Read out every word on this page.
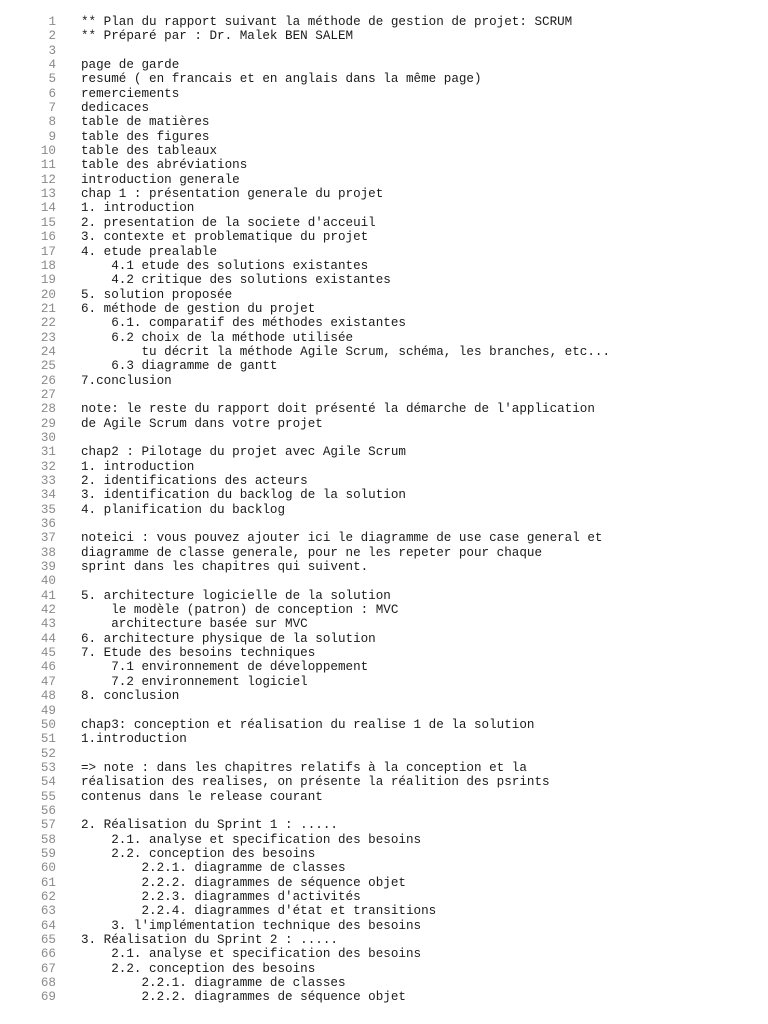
1 ** Plan du rapport suivant la méthode de gestion de projet: SCRUM
2 ** Préparé par : Dr. Malek BEN SALEM
3
4 page de garde
5 resumé ( en francais et en anglais dans la même page)
6 remerciements
7 dedicaces
8 table de matières
9 table des figures
10 table des tableaux
11 table des abréviations
12 introduction generale
13 chap 1 : présentation generale du projet
14 1. introduction
15 2. presentation de la societe d'acceuil
16 3. contexte et problematique du projet
17 4. etude prealable
18 4.1 etude des solutions existantes
19 4.2 critique des solutions existantes
20 5. solution proposée
21 6. méthode de gestion du projet
22 6.1. comparatif des méthodes existantes
23 6.2 choix de la méthode utilisée
24 tu décrit la méthode Agile Scrum, schéma, les branches, etc...
25 6.3 diagramme de gantt
26 7.conclusion
27
28 note: le reste du rapport doit présenté la démarche de l'application
29 de Agile Scrum dans votre projet
30
31 chap2 : Pilotage du projet avec Agile Scrum
32 1. introduction
33 2. identifications des acteurs
34 3. identification du backlog de la solution
35 4. planification du backlog
36
37 noteici : vous pouvez ajouter ici le diagramme de use case general et
38 diagramme de classe generale, pour ne les repeter pour chaque
39 sprint dans les chapitres qui suivent.
40
41 5. architecture logicielle de la solution
42 le modèle (patron) de conception : MVC
43 architecture basée sur MVC
44 6. architecture physique de la solution
45 7. Etude des besoins techniques
46 7.1 environnement de développement
47 7.2 environnement logiciel
48 8. conclusion
49
50 chap3: conception et réalisation du realise 1 de la solution
51 1.introduction
52
53 => note : dans les chapitres relatifs à la conception et la
54 réalisation des realises, on présente la réalition des psrints
55 contenus dans le release courant
56
57 2. Réalisation du Sprint 1 : .....
58 2.1. analyse et specification des besoins
59 2.2. conception des besoins
60 2.2.1. diagramme de classes
61 2.2.2. diagrammes de séquence objet
62 2.2.3. diagrammes d'activités
63 2.2.4. diagrammes d'état et transitions
64 3. l'implémentation technique des besoins
65 3. Réalisation du Sprint 2 : .....
66 2.1. analyse et specification des besoins
67 2.2. conception des besoins
68 2.2.1. diagramme de classes
69 2.2.2. diagrammes de séquence objet
